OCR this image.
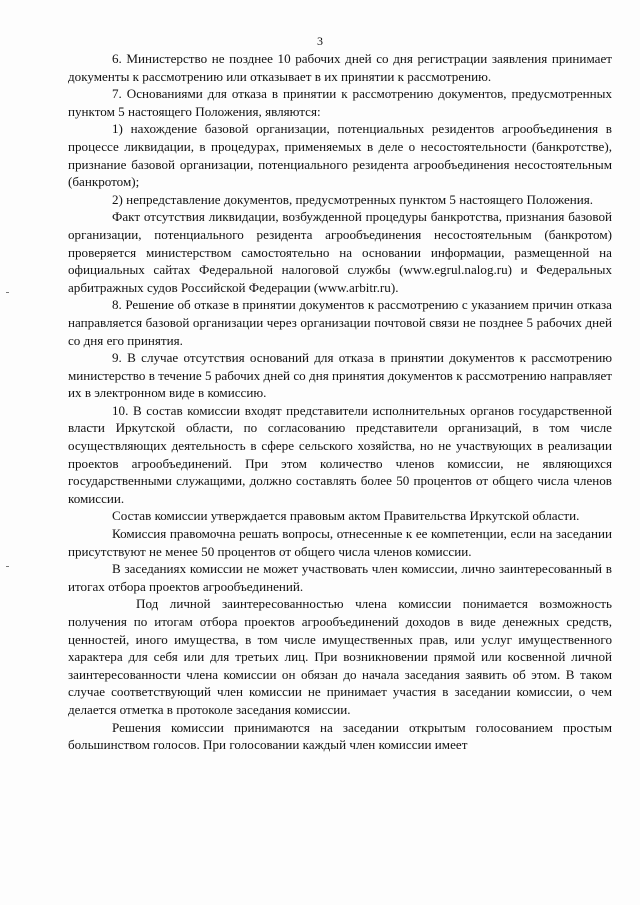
3

6. Министерство не позднее 10 рабочих дней со дня регистрации заявления принимает документы к рассмотрению или отказывает в их принятии к рассмотрению.

7. Основаниями для отказа в принятии к рассмотрению документов, предусмотренных пунктом 5 настоящего Положения, являются:

1) нахождение базовой организации, потенциальных резидентов агрообъединения в процессе ликвидации, в процедурах, применяемых в деле о несостоятельности (банкротстве), признание базовой организации, потенциального резидента агрообъединения несостоятельным (банкротом);

2) непредставление документов, предусмотренных пунктом 5 настоящего Положения.

Факт отсутствия ликвидации, возбужденной процедуры банкротства, признания базовой организации, потенциального резидента агрообъединения несостоятельным (банкротом) проверяется министерством самостоятельно на основании информации, размещенной на официальных сайтах Федеральной налоговой службы (www.egrul.nalog.ru) и Федеральных арбитражных судов Российской Федерации (www.arbitr.ru).

8. Решение об отказе в принятии документов к рассмотрению с указанием причин отказа направляется базовой организации через организации почтовой связи не позднее 5 рабочих дней со дня его принятия.

9. В случае отсутствия оснований для отказа в принятии документов к рассмотрению министерство в течение 5 рабочих дней со дня принятия документов к рассмотрению направляет их в электронном виде в комиссию.

10. В состав комиссии входят представители исполнительных органов государственной власти Иркутской области, по согласованию представители организаций, в том числе осуществляющих деятельность в сфере сельского хозяйства, но не участвующих в реализации проектов агрообъединений. При этом количество членов комиссии, не являющихся государственными служащими, должно составлять более 50 процентов от общего числа членов комиссии.

Состав комиссии утверждается правовым актом Правительства Иркутской области.

Комиссия правомочна решать вопросы, отнесенные к ее компетенции, если на заседании присутствуют не менее 50 процентов от общего числа членов комиссии.

В заседаниях комиссии не может участвовать член комиссии, лично заинтересованный в итогах отбора проектов агрообъединений.

Под личной заинтересованностью члена комиссии понимается возможность получения по итогам отбора проектов агрообъединений доходов в виде денежных средств, ценностей, иного имущества, в том числе имущественных прав, или услуг имущественного характера для себя или для третьих лиц. При возникновении прямой или косвенной личной заинтересованности члена комиссии он обязан до начала заседания заявить об этом. В таком случае соответствующий член комиссии не принимает участия в заседании комиссии, о чем делается отметка в протоколе заседания комиссии.

Решения комиссии принимаются на заседании открытым голосованием простым большинством голосов. При голосовании каждый член комиссии имеет
